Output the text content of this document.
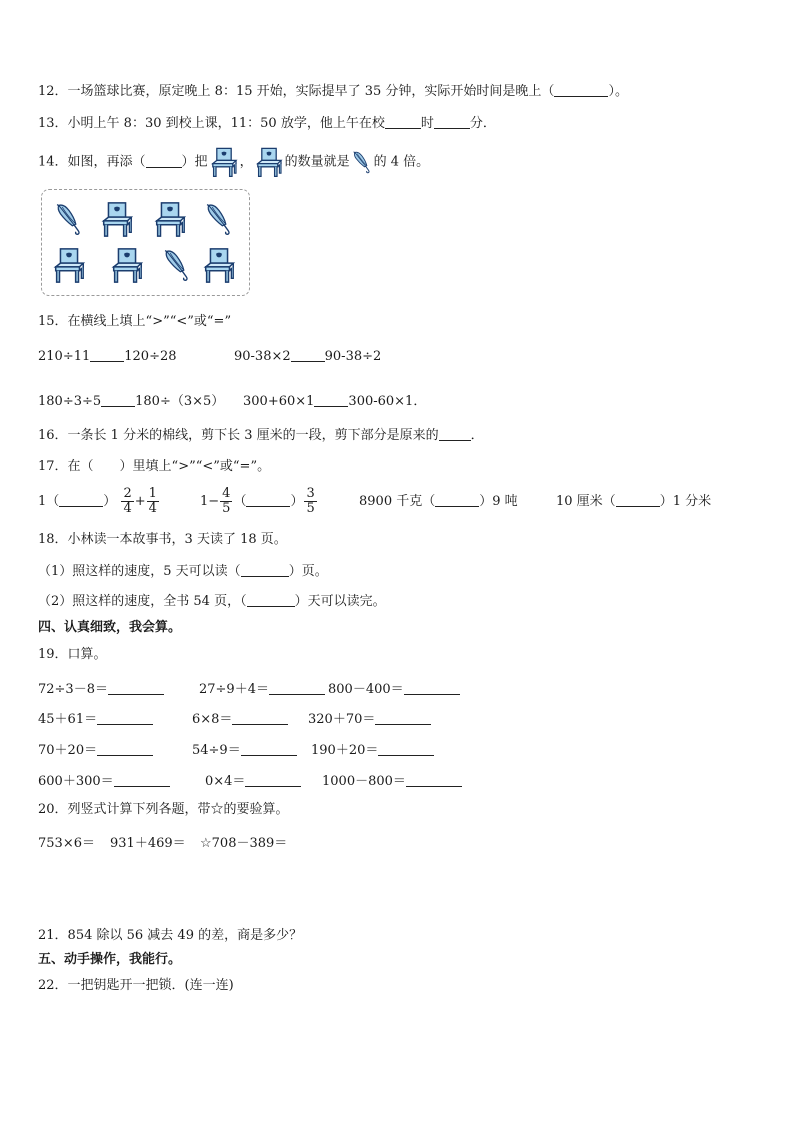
12．一场篮球比赛，原定晚上 8：15 开始，实际提早了 35 分钟，实际开始时间是晚上（	）。
13．小明上午 8：30 到校上课，11：50 放学，他上午在校	时	分．
14．如图，再添（	）把 ， 的数量就是 的 4 倍。
15．在横线上填上“>”“<”或“=”
210÷11	120÷28	90-38×2	90-38÷2
180÷3÷5	180÷（3×5） 300+60×1	300-60×1．
16．一条长 1 分米的棉线，剪下长 3 厘米的一段，剪下部分是原来的 ．
17．在（　　）里填上“>”“<”或“=”。
1（	） $\frac{2}{4} + \frac{1}{4}$	$1- \frac{4}{5}$ （	） $\frac{3}{5}$	8900 千克（	）9 吨	10 厘米（	）1 分米
18．小林读一本故事书，3 天读了 18 页。
（1）照这样的速度，5 天可以读（	）页。
（2）照这样的速度，全书 54 页，（	）天可以读完。
四、认真细致，我会算。
19．口算。
72÷3－8＝	27÷9＋4＝	800－400＝
45＋61＝	6×8＝	320＋70＝
70＋20＝	54÷9＝	190＋20＝
600＋300＝	0×4＝	1000－800＝
20．列竖式计算下列各题，带☆的要验算。
753×6＝ 931＋469＝ ☆708－389＝
21．854 除以 56 减去 49 的差，商是多少？
五、动手操作，我能行。
22．一把钥匙开一把锁．(连一连)
